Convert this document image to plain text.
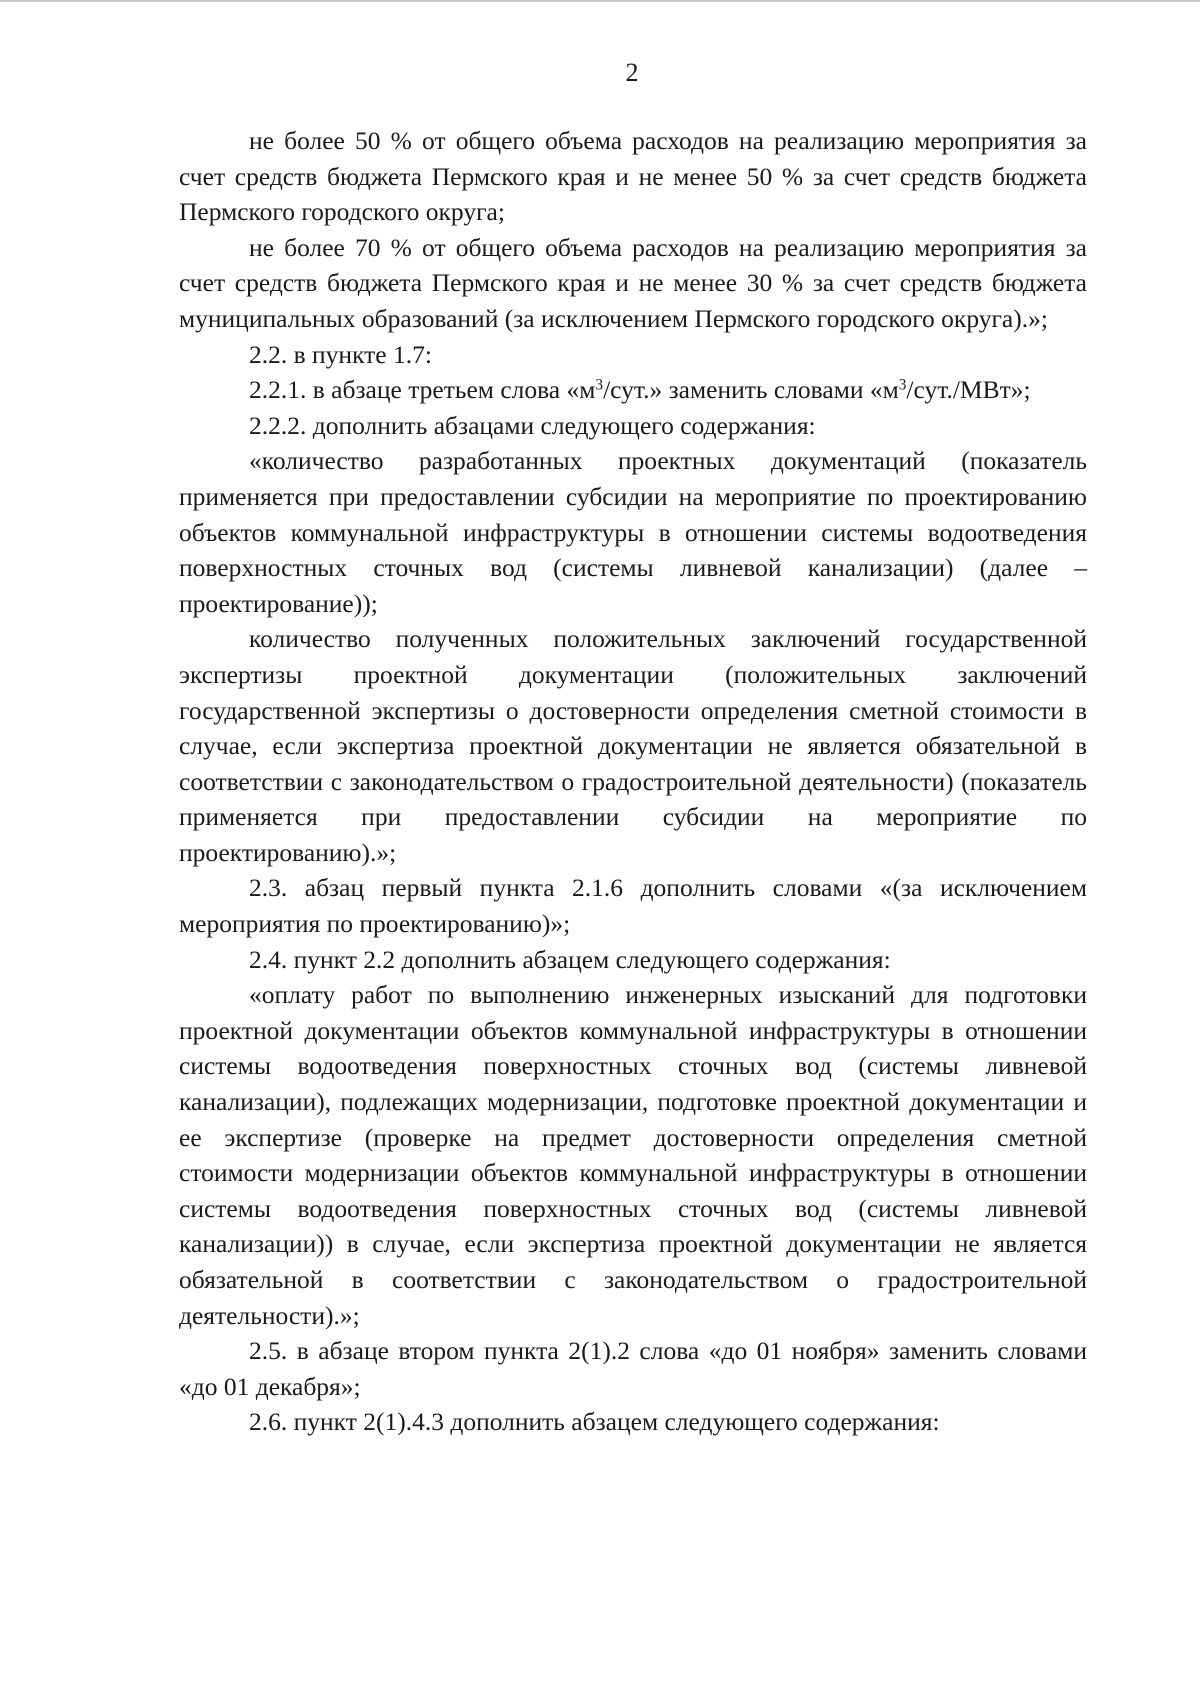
2

не более 50 % от общего объема расходов на реализацию мероприятия за счет средств бюджета Пермского края и не менее 50 % за счет средств бюджета Пермского городского округа;

не более 70 % от общего объема расходов на реализацию мероприятия за счет средств бюджета Пермского края и не менее 30 % за счет средств бюджета муниципальных образований (за исключением Пермского городского округа).»;

2.2. в пункте 1.7:

2.2.1. в абзаце третьем слова «$м^3$/сут.» заменить словами «$м^3/сут$./МВт»;

2.2.2. дополнить абзацами следующего содержания:

«количество разработанных проектных документаций (показатель применяется при предоставлении субсидии на мероприятие по проектированию объектов коммунальной инфраструктуры в отношении системы водоотведения поверхностных сточных вод (системы ливневой канализации) (далее – проектирование));

количество полученных положительных заключений государственной экспертизы проектной документации (положительных заключений государственной экспертизы о достоверности определения сметной стоимости в случае, если экспертиза проектной документации не является обязательной в соответствии с законодательством о градостроительной деятельности) (показатель применяется при предоставлении субсидии на мероприятие по проектированию).»;

2.3. абзац первый пункта 2.1.6 дополнить словами «(за исключением мероприятия по проектированию)»;

2.4. пункт 2.2 дополнить абзацем следующего содержания:

«оплату работ по выполнению инженерных изысканий для подготовки проектной документации объектов коммунальной инфраструктуры в отношении системы водоотведения поверхностных сточных вод (системы ливневой канализации), подлежащих модернизации, подготовке проектной документации и ее экспертизе (проверке на предмет достоверности определения сметной стоимости модернизации объектов коммунальной инфраструктуры в отношении системы водоотведения поверхностных сточных вод (системы ливневой канализации)) в случае, если экспертиза проектной документации не является обязательной в соответствии с законодательством о градостроительной деятельности).»;

2.5. в абзаце втором пункта 2(1).2 слова «до 01 ноября» заменить словами «до 01 декабря»;

2.6. пункт 2(1).4.3 дополнить абзацем следующего содержания:
